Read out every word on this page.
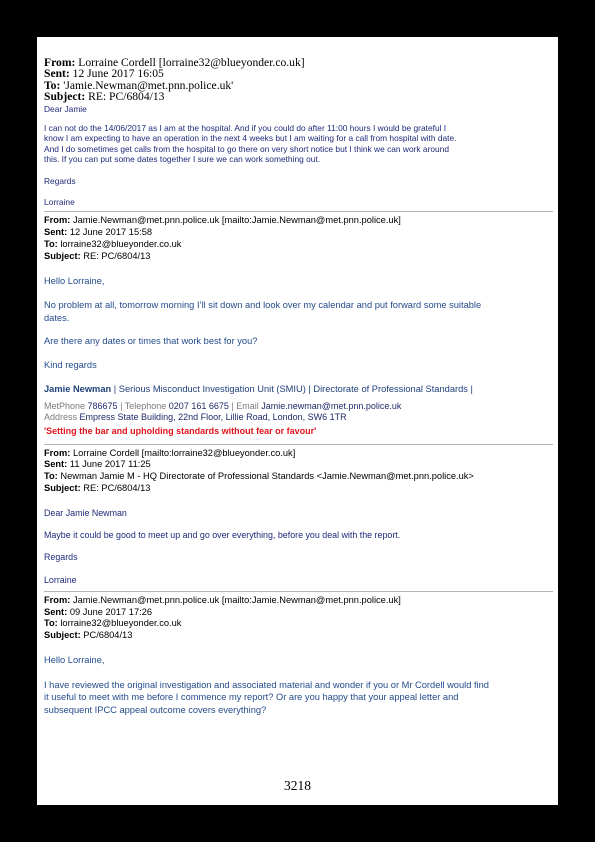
From: Lorraine Cordell [lorraine32@blueyonder.co.uk]
Sent: 12 June 2017 16:05
To: 'Jamie.Newman@met.pnn.police.uk'
Subject: RE: PC/6804/13
Dear Jamie
I can not do the 14/06/2017 as I am at the hospital. And if you could do after 11:00 hours I would be grateful I
know I am expecting to have an operation in the next 4 weeks but I am waiting for a call from hospital with date.
And I do sometimes get calls from the hospital to go there on very short notice but I think we can work around
this. If you can put some dates together I sure we can work something out.
Regards
Lorraine
From: Jamie.Newman@met.pnn.police.uk [mailto:Jamie.Newman@met.pnn.police.uk]
Sent: 12 June 2017 15:58
To: lorraine32@blueyonder.co.uk
Subject: RE: PC/6804/13
Hello Lorraine,
No problem at all, tomorrow morning I’ll sit down and look over my calendar and put forward some suitable
dates.
Are there any dates or times that work best for you?
Kind regards
Jamie Newman | Serious Misconduct Investigation Unit (SMIU) | Directorate of Professional Standards |
MetPhone 786675 | Telephone 0207 161 6675 | Email Jamie.newman@met.pnn.police.uk
Address Empress State Building, 22nd Floor, Lillie Road, London, SW6 1TR
'Setting the bar and upholding standards without fear or favour'
From: Lorraine Cordell [mailto:lorraine32@blueyonder.co.uk]
Sent: 11 June 2017 11:25
To: Newman Jamie M - HQ Directorate of Professional Standards <Jamie.Newman@met.pnn.police.uk>
Subject: RE: PC/6804/13
Dear Jamie Newman
Maybe it could be good to meet up and go over everything, before you deal with the report.
Regards
Lorraine
From: Jamie.Newman@met.pnn.police.uk [mailto:Jamie.Newman@met.pnn.police.uk]
Sent: 09 June 2017 17:26
To: lorraine32@blueyonder.co.uk
Subject: PC/6804/13
Hello Lorraine,
I have reviewed the original investigation and associated material and wonder if you or Mr Cordell would find
it useful to meet with me before I commence my report? Or are you happy that your appeal letter and
subsequent IPCC appeal outcome covers everything?
3218
